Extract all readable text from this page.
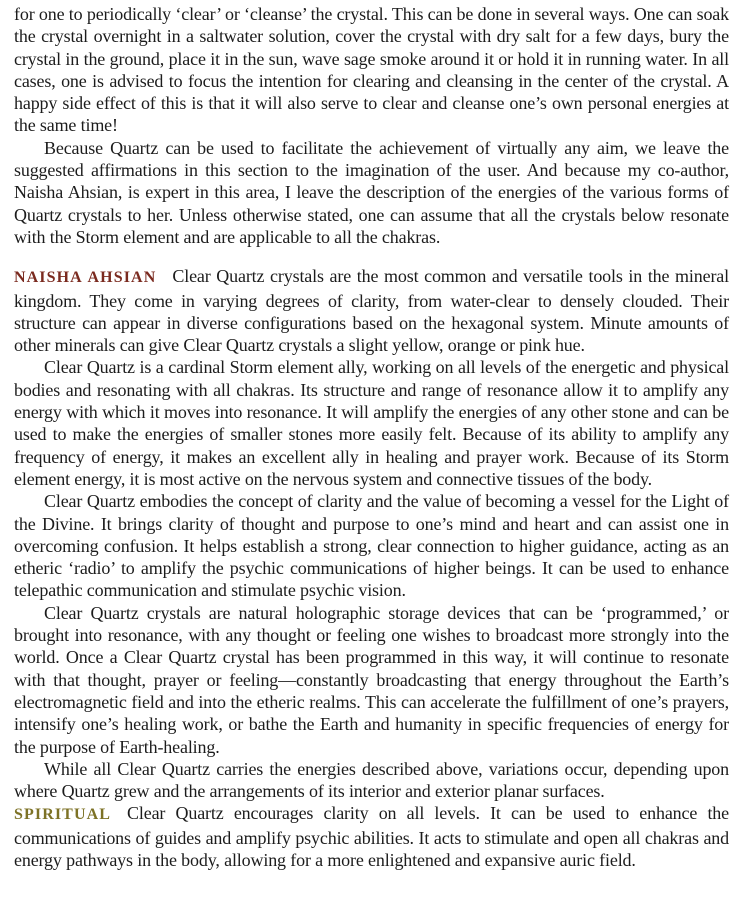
for one to periodically ‘clear’ or ‘cleanse’ the crystal. This can be done in several ways. One can soak the crystal overnight in a saltwater solution, cover the crystal with dry salt for a few days, bury the crystal in the ground, place it in the sun, wave sage smoke around it or hold it in running water. In all cases, one is advised to focus the intention for clearing and cleansing in the center of the crystal. A happy side effect of this is that it will also serve to clear and cleanse one’s own personal energies at the same time!

Because Quartz can be used to facilitate the achievement of virtually any aim, we leave the suggested affirmations in this section to the imagination of the user. And because my co-author, Naisha Ahsian, is expert in this area, I leave the description of the energies of the various forms of Quartz crystals to her. Unless otherwise stated, one can assume that all the crystals below resonate with the Storm element and are applicable to all the chakras.

NAISHA AHSIAN Clear Quartz crystals are the most common and versatile tools in the mineral kingdom. They come in varying degrees of clarity, from water-clear to densely clouded. Their structure can appear in diverse configurations based on the hexagonal system. Minute amounts of other minerals can give Clear Quartz crystals a slight yellow, orange or pink hue.

Clear Quartz is a cardinal Storm element ally, working on all levels of the energetic and physical bodies and resonating with all chakras. Its structure and range of resonance allow it to amplify any energy with which it moves into resonance. It will amplify the energies of any other stone and can be used to make the energies of smaller stones more easily felt. Because of its ability to amplify any frequency of energy, it makes an excellent ally in healing and prayer work. Because of its Storm element energy, it is most active on the nervous system and connective tissues of the body.

Clear Quartz embodies the concept of clarity and the value of becoming a vessel for the Light of the Divine. It brings clarity of thought and purpose to one’s mind and heart and can assist one in overcoming confusion. It helps establish a strong, clear connection to higher guidance, acting as an etheric ‘radio’ to amplify the psychic communications of higher beings. It can be used to enhance telepathic communication and stimulate psychic vision.

Clear Quartz crystals are natural holographic storage devices that can be ‘programmed,’ or brought into resonance, with any thought or feeling one wishes to broadcast more strongly into the world. Once a Clear Quartz crystal has been programmed in this way, it will continue to resonate with that thought, prayer or feeling—constantly broadcasting that energy throughout the Earth’s electromagnetic field and into the etheric realms. This can accelerate the fulfillment of one’s prayers, intensify one’s healing work, or bathe the Earth and humanity in specific frequencies of energy for the purpose of Earth-healing.

While all Clear Quartz carries the energies described above, variations occur, depending upon where Quartz grew and the arrangements of its interior and exterior planar surfaces.

SPIRITUAL Clear Quartz encourages clarity on all levels. It can be used to enhance the communications of guides and amplify psychic abilities. It acts to stimulate and open all chakras and energy pathways in the body, allowing for a more enlightened and expansive auric field.
